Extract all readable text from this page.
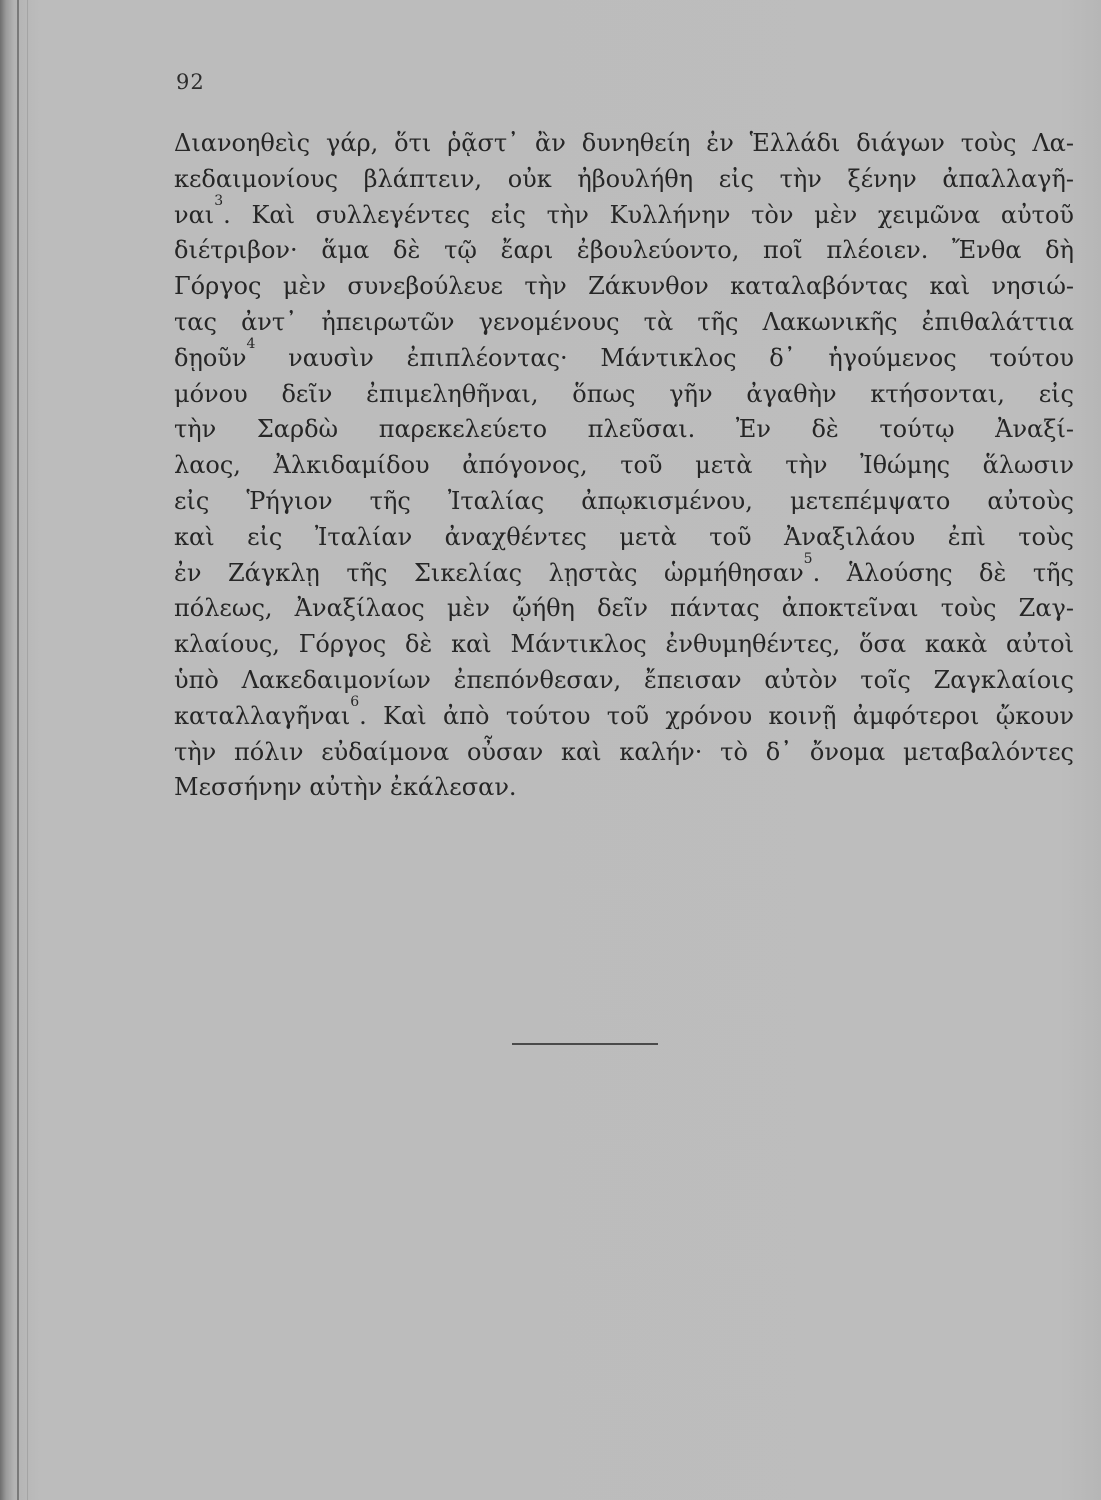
92
Διανοηθεὶς γάρ, ὅτι ῥᾷστ᾽ ἂν δυνηθείη ἐν Ἑλλάδι διάγων τοὺς Λα-
κεδαιμονίους βλάπτειν, οὐκ ἠβουλήθη εἰς τὴν ξένην ἀπαλλαγῆ-
ναι$^3$. Καὶ συλλεγέντες εἰς τὴν Κυλλήνην τὸν μὲν χειμῶνα αὐτοῦ
διέτριβον· ἅμα δὲ τῷ ἔαρι ἐβουλεύοντο, ποῖ πλέοιεν. Ἔνθα δὴ
Γόργος μὲν συνεβούλευε τὴν Ζάκυνθον καταλαβόντας καὶ νησιώ-
τας ἀντ᾽ ἠπειρωτῶν γενομένους τὰ τῆς Λακωνικῆς ἐπιθαλάττια
δῃοῦν$^4$ ναυσὶν ἐπιπλέοντας· Μάντικλος δ᾽ ἡγούμενος τούτου
μόνου δεῖν ἐπιμεληθῆναι, ὅπως γῆν ἀγαθὴν κτήσονται, εἰς
τὴν Σαρδὼ παρεκελεύετο πλεῦσαι. Ἐν δὲ τούτῳ Ἀναξί-
λαος, Ἀλκιδαμίδου ἀπόγονος, τοῦ μετὰ τὴν Ἰθώμης ἅλωσιν
εἰς Ῥήγιον τῆς Ἰταλίας ἀπῳκισμένου, μετεπέμψατο αὐτοὺς
καὶ εἰς Ἰταλίαν ἀναχθέντες μετὰ τοῦ Ἀναξιλάου ἐπὶ τοὺς
ἐν Ζάγκλῃ τῆς Σικελίας λῃστὰς ὡρμήθησαν$^5$. Ἁλούσης δὲ τῆς
πόλεως, Ἀναξίλαος μὲν ᾤήθη δεῖν πάντας ἀποκτεῖναι τοὺς Ζαγ-
κλαίους, Γόργος δὲ καὶ Μάντικλος ἐνθυμηθέντες, ὅσα κακὰ αὐτοὶ
ὑπὸ Λακεδαιμονίων ἐπεπόνθεσαν, ἔπεισαν αὐτὸν τοῖς Ζαγκλαίοις
καταλλαγῆναι$^6$. Καὶ ἀπὸ τούτου τοῦ χρόνου κοινῇ ἀμφότεροι ᾤκουν
τὴν πόλιν εὐδαίμονα οὖσαν καὶ καλήν· τὸ δ᾽ ὄνομα μεταβαλόντες
Μεσσήνην αὐτὴν ἐκάλεσαν.
